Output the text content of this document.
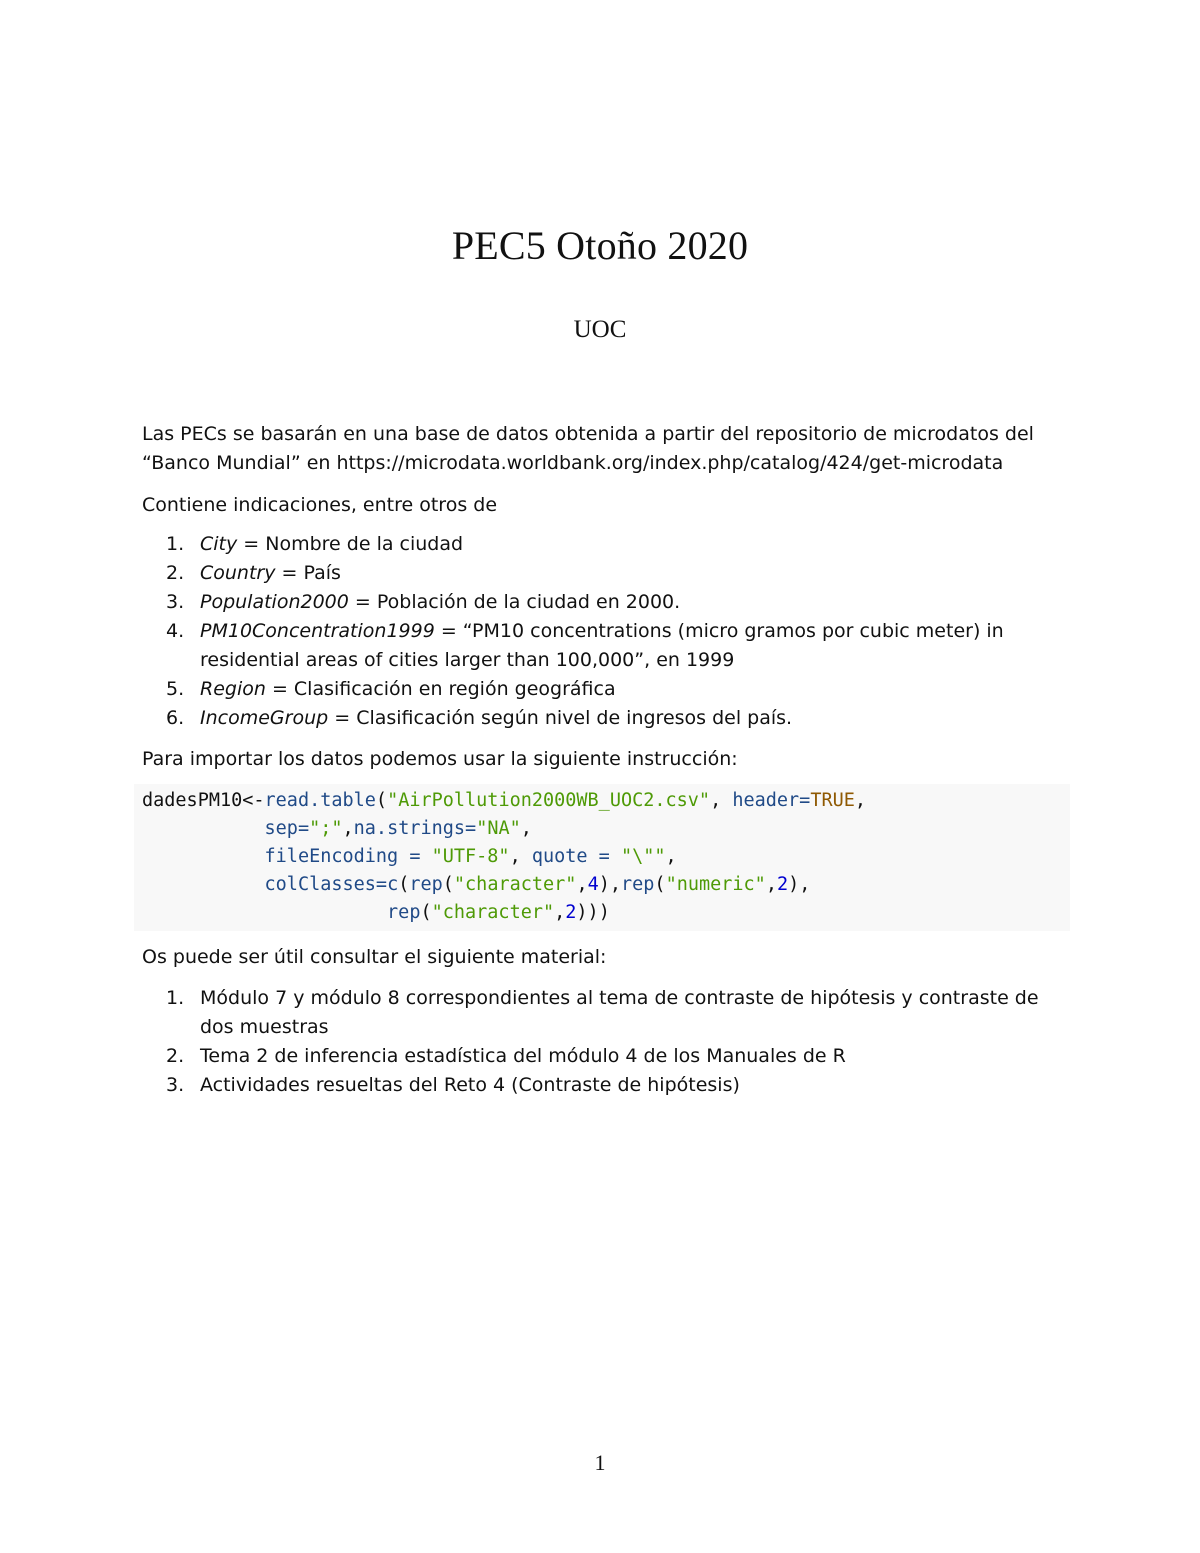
PEC5 Otoño 2020
UOC

Las PECs se basarán en una base de datos obtenida a partir del repositorio de microdatos del
“Banco Mundial” en https://microdata.worldbank.org/index.php/catalog/424/get-microdata

Contiene indicaciones, entre otros de

1. City = Nombre de la ciudad
2. Country = País
3. Population2000 = Población de la ciudad en 2000.
4. PM10Concentration1999 = “PM10 concentrations (micro gramos por cubic meter) in residential areas of cities larger than 100,000”, en 1999
5. Region = Clasificación en región geográfica
6. IncomeGroup = Clasificación según nivel de ingresos del país.

Para importar los datos podemos usar la siguiente instrucción:

dadesPM10<-read.table("AirPollution2000WB_UOC2.csv", header=TRUE,
sep=";",na.strings="NA",
fileEncoding = "UTF-8", quote = "\"",
colClasses=c(rep("character",4),rep("numeric",2),
rep("character",2)))

Os puede ser útil consultar el siguiente material:

1. Módulo 7 y módulo 8 correspondientes al tema de contraste de hipótesis y contraste de dos muestras
2. Tema 2 de inferencia estadística del módulo 4 de los Manuales de R
3. Actividades resueltas del Reto 4 (Contraste de hipótesis)
1
